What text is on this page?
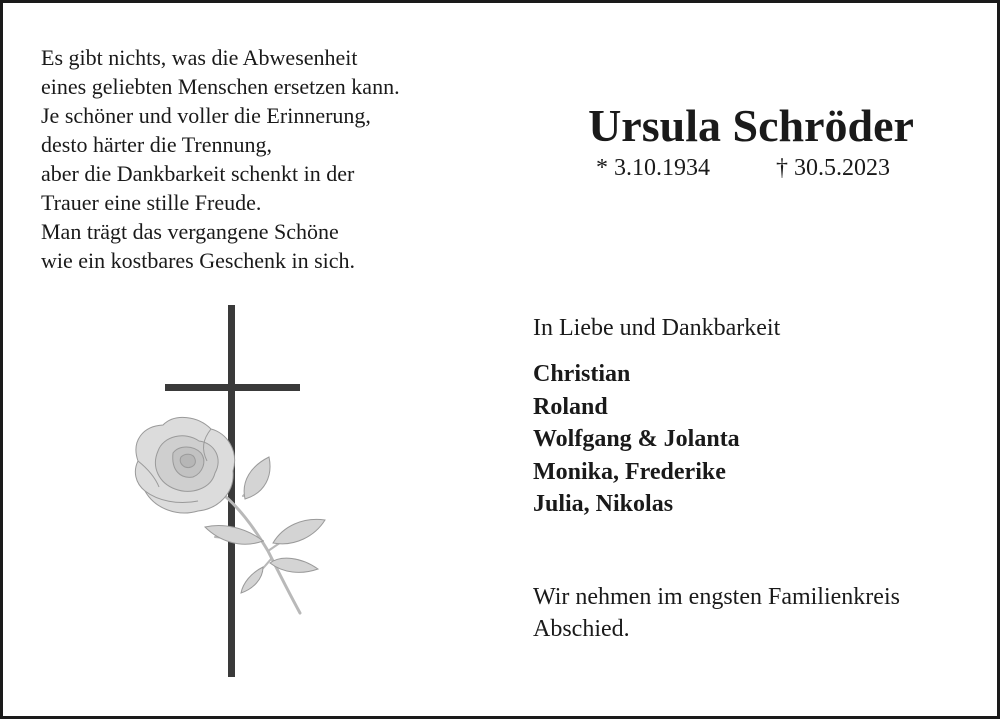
Es gibt nichts, was die Abwesenheit
eines geliebten Menschen ersetzen kann.
Je schöner und voller die Erinnerung,
desto härter die Trennung,
aber die Dankbarkeit schenkt in der
Trauer eine stille Freude.
Man trägt das vergangene Schöne
wie ein kostbares Geschenk in sich.
Ursula Schröder
* 3.10.1934	† 30.5.2023
In Liebe und Dankbarkeit
Christian
Roland
Wolfgang & Jolanta
Monika, Frederike
Julia, Nikolas
Wir nehmen im engsten Familienkreis
Abschied.
